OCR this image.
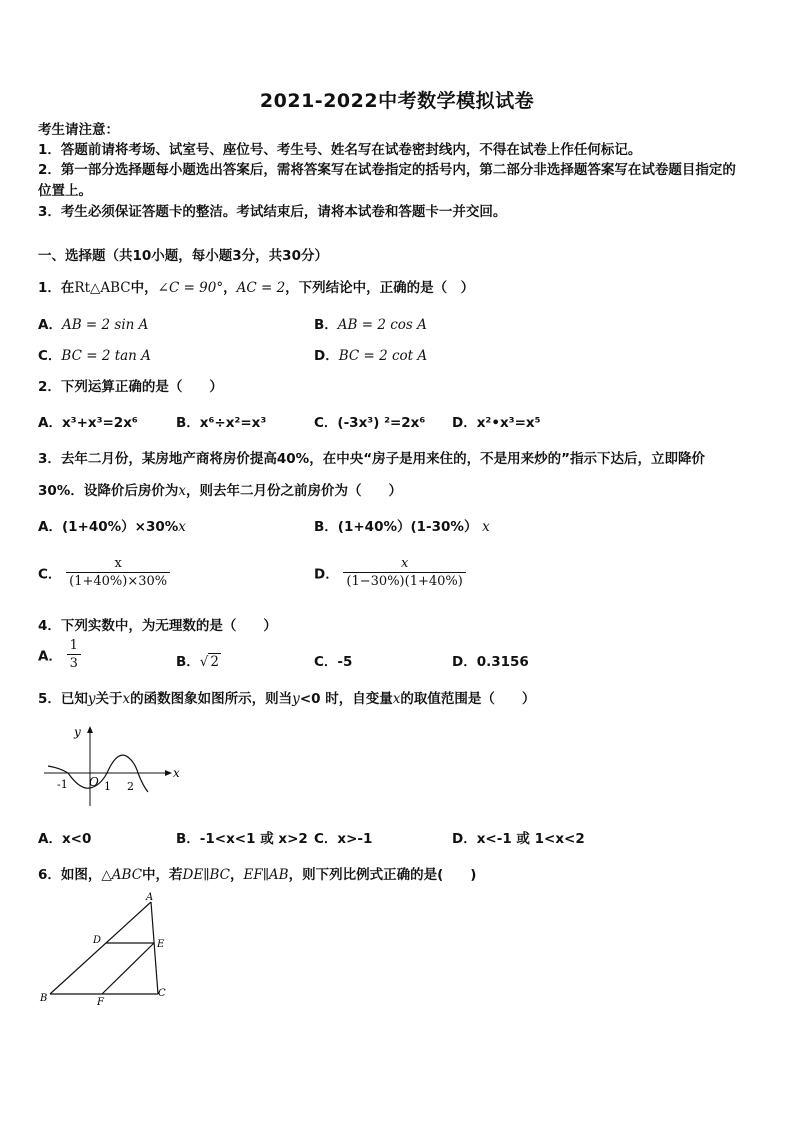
2021-2022中考数学模拟试卷
考生请注意：
1．答题前请将考场、试室号、座位号、考生号、姓名写在试卷密封线内，不得在试卷上作任何标记。
2．第一部分选择题每小题选出答案后，需将答案写在试卷指定的括号内，第二部分非选择题答案写在试卷题目指定的
位置上。
3．考生必须保证答题卡的整洁。考试结束后，请将本试卷和答题卡一并交回。
一、选择题（共10小题，每小题3分，共30分）
1．在Rt△ABC中，∠C = 90°，AC = 2，下列结论中，正确的是（　）
A．AB = 2 sin A	B．AB = 2 cos A
C．BC = 2 tan A	D．BC = 2 cot A
2．下列运算正确的是（　　）
A．x³+x³=2x⁶	B．x⁶÷x²=x³	C．(-3x³) ²=2x⁶ D．x²•x³=x⁵
3．去年二月份，某房地产商将房价提高40%，在中央“房子是用来住的，不是用来炒的”指示下达后，立即降价
30%．设降价后房价为x，则去年二月份之前房价为（　　）
A．(1+40%）×30%x	B．(1+40%）(1-30%） x
C． $\frac{x}{(1+40\%)\times 30\%}$	D． $\frac{x}{(1-30\%)(1+40\%)}$
4．下列实数中，为无理数的是（　　）
A． $\frac{1}{3}$	B．√ 2	C．-5	D．0.3156
5．已知y关于x的函数图象如图所示，则当y<0 时，自变量x的取值范围是（　　）
x
y
O
-1	1 2
A．x<0	B．-1<x<1 或 x>2 C．x>-1	D．x<-1 或 1<x<2
6．如图，△ABC中，若DE∥BC，EF∥AB，则下列比例式正确的是(　　)
A
B	C
D	E
F
